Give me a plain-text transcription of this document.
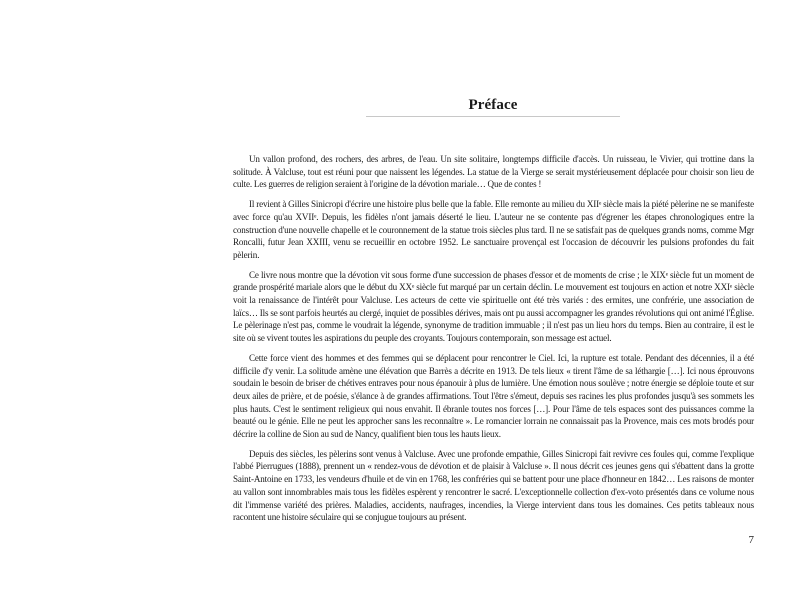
Préface

Un vallon profond, des rochers, des arbres, de l'eau. Un site solitaire, longtemps difficile d'accès. Un ruisseau, le Vivier, qui trottine dans la solitude. À Valcluse, tout est réuni pour que naissent les légendes. La statue de la Vierge se serait mystérieusement déplacée pour choisir son lieu de culte. Les guerres de religion seraient à l'origine de la dévotion mariale… Que de contes !

Il revient à Gilles Sinicropi d'écrire une histoire plus belle que la fable. Elle remonte au milieu du XIIᵉ siècle mais la piété pèlerine ne se manifeste avec force qu'au XVIIᵉ. Depuis, les fidèles n'ont jamais déserté le lieu. L'auteur ne se contente pas d'égrener les étapes chronologiques entre la construction d'une nouvelle chapelle et le couronnement de la statue trois siècles plus tard. Il ne se satisfait pas de quelques grands noms, comme Mgr Roncalli, futur Jean XXIII, venu se recueillir en octobre 1952. Le sanctuaire provençal est l'occasion de découvrir les pulsions profondes du fait pèlerin.

Ce livre nous montre que la dévotion vit sous forme d'une succession de phases d'essor et de moments de crise ; le XIXᵉ siècle fut un moment de grande prospérité mariale alors que le début du XXᵉ siècle fut marqué par un certain déclin. Le mouvement est toujours en action et notre XXIᵉ siècle voit la renaissance de l'intérêt pour Valcluse. Les acteurs de cette vie spirituelle ont été très variés : des ermites, une confrérie, une association de laïcs… Ils se sont parfois heurtés au clergé, inquiet de possibles dérives, mais ont pu aussi accompagner les grandes révolutions qui ont animé l'Église. Le pèlerinage n'est pas, comme le voudrait la légende, synonyme de tradition immuable ; il n'est pas un lieu hors du temps. Bien au contraire, il est le site où se vivent toutes les aspirations du peuple des croyants. Toujours contemporain, son message est actuel.

Cette force vient des hommes et des femmes qui se déplacent pour rencontrer le Ciel. Ici, la rupture est totale. Pendant des décennies, il a été difficile d'y venir. La solitude amène une élévation que Barrès a décrite en 1913. De tels lieux « tirent l'âme de sa léthargie […]. Ici nous éprouvons soudain le besoin de briser de chétives entraves pour nous épanouir à plus de lumière. Une émotion nous soulève ; notre énergie se déploie toute et sur deux ailes de prière, et de poésie, s'élance à de grandes affirmations. Tout l'être s'émeut, depuis ses racines les plus profondes jusqu'à ses sommets les plus hauts. C'est le sentiment religieux qui nous envahit. Il ébranle toutes nos forces […]. Pour l'âme de tels espaces sont des puissances comme la beauté ou le génie. Elle ne peut les approcher sans les reconnaître ». Le romancier lorrain ne connaissait pas la Provence, mais ces mots brodés pour décrire la colline de Sion au sud de Nancy, qualifient bien tous les hauts lieux.

Depuis des siècles, les pèlerins sont venus à Valcluse. Avec une profonde empathie, Gilles Sinicropi fait revivre ces foules qui, comme l'explique l'abbé Pierrugues (1888), prennent un « rendez-vous de dévotion et de plaisir à Valcluse ». Il nous décrit ces jeunes gens qui s'ébattent dans la grotte Saint-Antoine en 1733, les vendeurs d'huile et de vin en 1768, les confréries qui se battent pour une place d'honneur en 1842… Les raisons de monter au vallon sont innombrables mais tous les fidèles espèrent y rencontrer le sacré. L'exceptionnelle collection d'ex-voto présentés dans ce volume nous dit l'immense variété des prières. Maladies, accidents, naufrages, incendies, la Vierge intervient dans tous les domaines. Ces petits tableaux nous racontent une histoire séculaire qui se conjugue toujours au présent.

7
